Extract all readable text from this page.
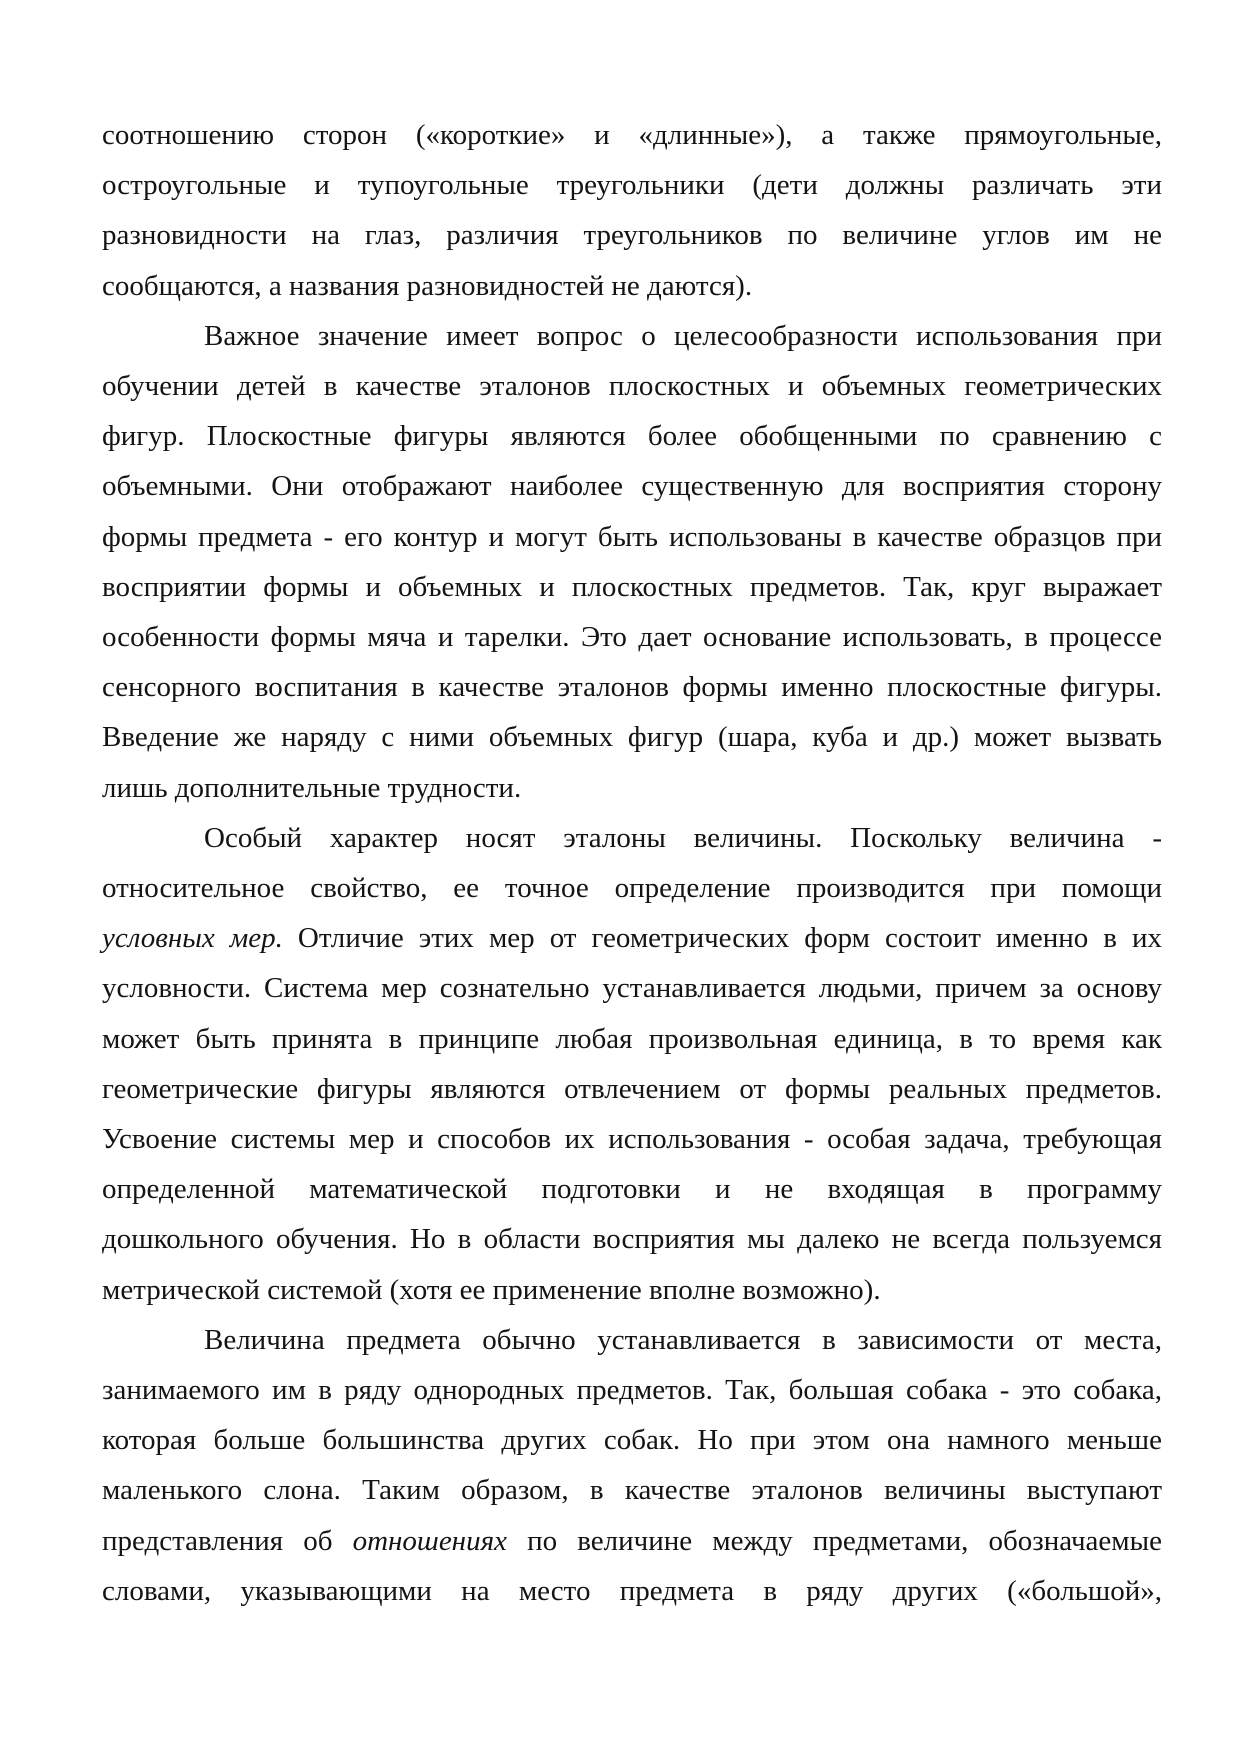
соотношению сторон («короткие» и «длинные»), а также прямоугольные,
остроугольные и тупоугольные треугольники (дети должны различать эти
разновидности на глаз, различия треугольников по величине углов им не
сообщаются, а названия разновидностей не даются).
Важное значение имеет вопрос о целесообразности использования при
обучении детей в качестве эталонов плоскостных и объемных геометрических
фигур. Плоскостные фигуры являются более обобщенными по сравнению с
объемными. Они отображают наиболее существенную для восприятия сторону
формы предмета - его контур и могут быть использованы в качестве образцов при
восприятии формы и объемных и плоскостных предметов. Так, круг выражает
особенности формы мяча и тарелки. Это дает основание использовать, в процессе
сенсорного воспитания в качестве эталонов формы именно плоскостные фигуры.
Введение же наряду с ними объемных фигур (шара, куба и др.) может вызвать
лишь дополнительные трудности.
Особый характер носят эталоны величины. Поскольку величина -
относительное свойство, ее точное определение производится при помощи
условных мер. Отличие этих мер от геометрических форм состоит именно в их
условности. Система мер сознательно устанавливается людьми, причем за основу
может быть принята в принципе любая произвольная единица, в то время как
геометрические фигуры являются отвлечением от формы реальных предметов.
Усвоение системы мер и способов их использования - особая задача, требующая
определенной математической подготовки и не входящая в программу
дошкольного обучения. Но в области восприятия мы далеко не всегда пользуемся
метрической системой (хотя ее применение вполне возможно).
Величина предмета обычно устанавливается в зависимости от места,
занимаемого им в ряду однородных предметов. Так, большая собака - это собака,
которая больше большинства других собак. Но при этом она намного меньше
маленького слона. Таким образом, в качестве эталонов величины выступают
представления об отношениях по величине между предметами, обозначаемые
словами, указывающими на место предмета в ряду других («большой»,
